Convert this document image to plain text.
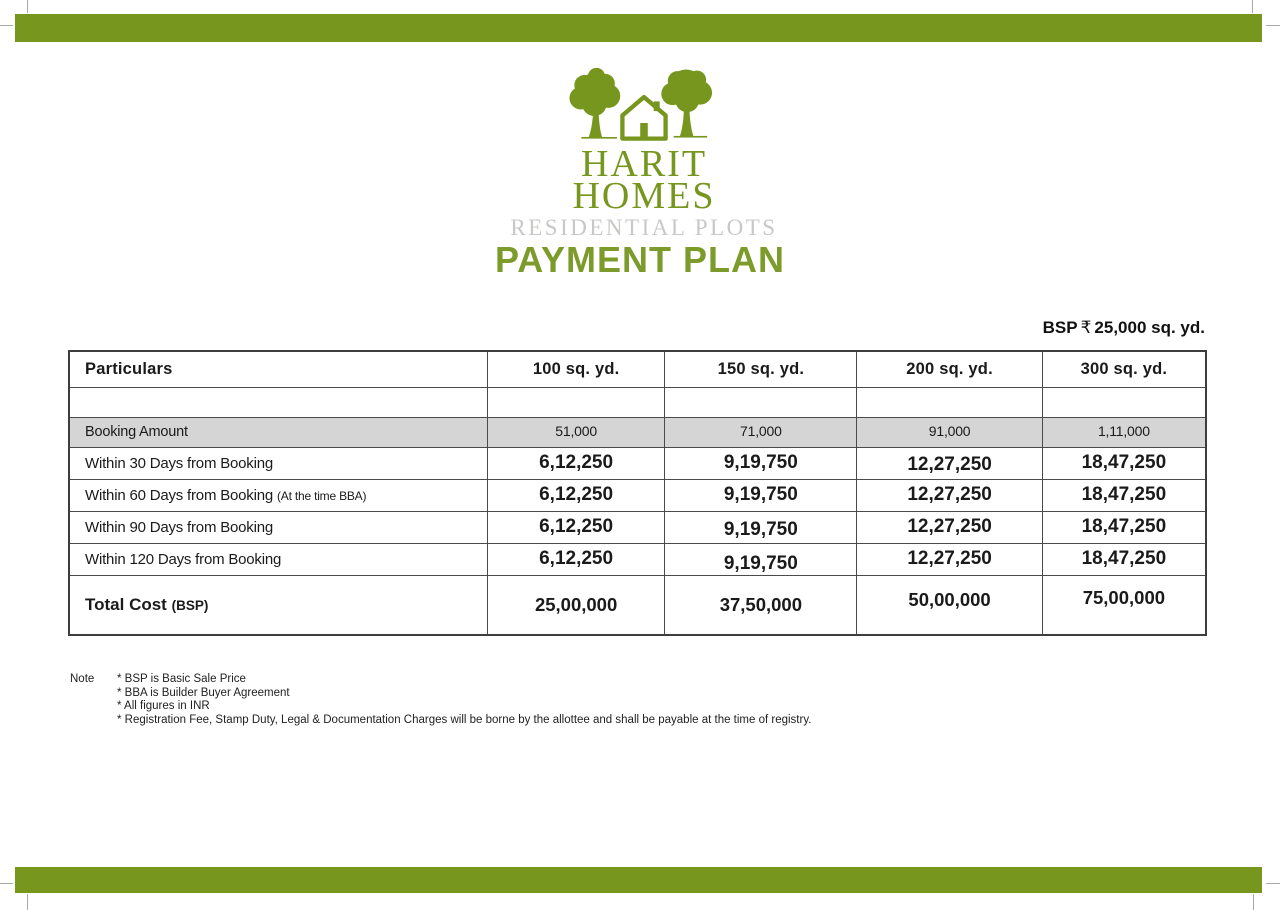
HARIT
HOMES
RESIDENTIAL PLOTS
PAYMENT PLAN
BSP ₹ 25,000 sq. yd.
Particulars	100 sq. yd.	150 sq. yd.	200 sq. yd.	300 sq. yd.

Booking Amount	51,000	71,000	91,000	1,11,000
Within 30 Days from Booking	6,12,250	9,19,750	12,27,250	18,47,250
Within 60 Days from Booking (At the time BBA)	6,12,250	9,19,750	12,27,250	18,47,250
Within 90 Days from Booking	6,12,250	9,19,750	12,27,250	18,47,250
Within 120 Days from Booking	6,12,250	9,19,750	12,27,250	18,47,250
Total Cost (BSP)	25,00,000	37,50,000	50,00,000	75,00,000
Note	* BSP is Basic Sale Price
* BBA is Builder Buyer Agreement
* All figures in INR
* Registration Fee, Stamp Duty, Legal & Documentation Charges will be borne by the allottee and shall be payable at the time of registry.
